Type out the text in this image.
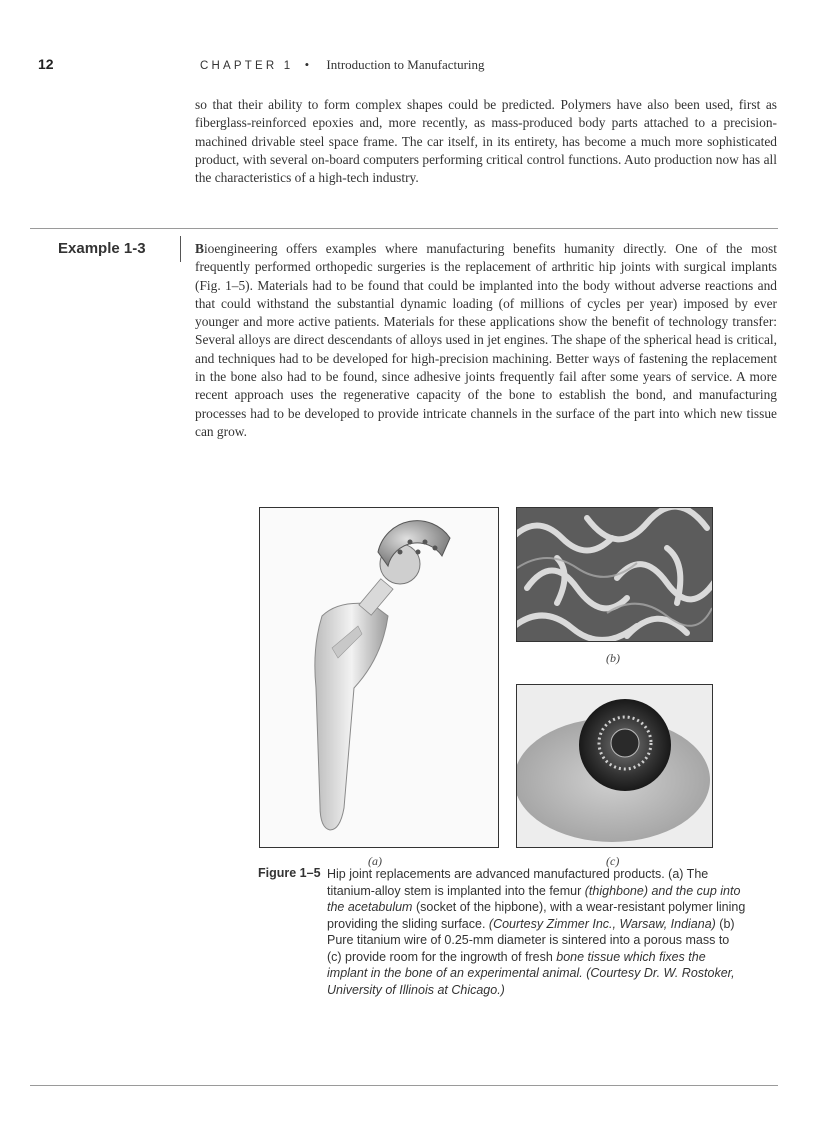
12	CHAPTER 1 • Introduction to Manufacturing

so that their ability to form complex shapes could be predicted. Polymers have also been used, first as fiberglass-reinforced epoxies and, more recently, as mass-produced body parts attached to a precision-machined drivable steel space frame. The car itself, in its entirety, has become a much more sophisticated product, with several on-board computers performing critical control functions. Auto production now has all the characteristics of a high-tech industry.

Example 1-3	Bioengineering offers examples where manufacturing benefits humanity directly. One of the most frequently performed orthopedic surgeries is the replacement of arthritic hip joints with surgical implants (Fig. 1–5). Materials had to be found that could be implanted into the body without adverse reactions and that could withstand the substantial dynamic loading (of millions of cycles per year) imposed by ever younger and more active patients. Materials for these applications show the benefit of technology transfer: Several alloys are direct descendants of alloys used in jet engines. The shape of the spherical head is critical, and techniques had to be developed for high-precision machining. Better ways of fastening the replacement in the bone also had to be found, since adhesive joints frequently fail after some years of service. A more recent approach uses the regenerative capacity of the bone to establish the bond, and manufacturing processes had to be developed to provide intricate channels in the surface of the part into which new tissue can grow.

(a)
(b)
(c)
Figure 1–5 Hip joint replacements are advanced manufactured products. (a) The titanium-alloy stem is implanted into the femur (thighbone) and the cup into the acetabulum (socket of the hipbone), with a wear-resistant polymer lining providing the sliding surface. (Courtesy Zimmer Inc., Warsaw, Indiana) (b) Pure titanium wire of 0.25-mm diameter is sintered into a porous mass to (c) provide room for the ingrowth of fresh bone tissue which fixes the implant in the bone of an experimental animal. (Courtesy Dr. W. Rostoker, University of Illinois at Chicago.)
